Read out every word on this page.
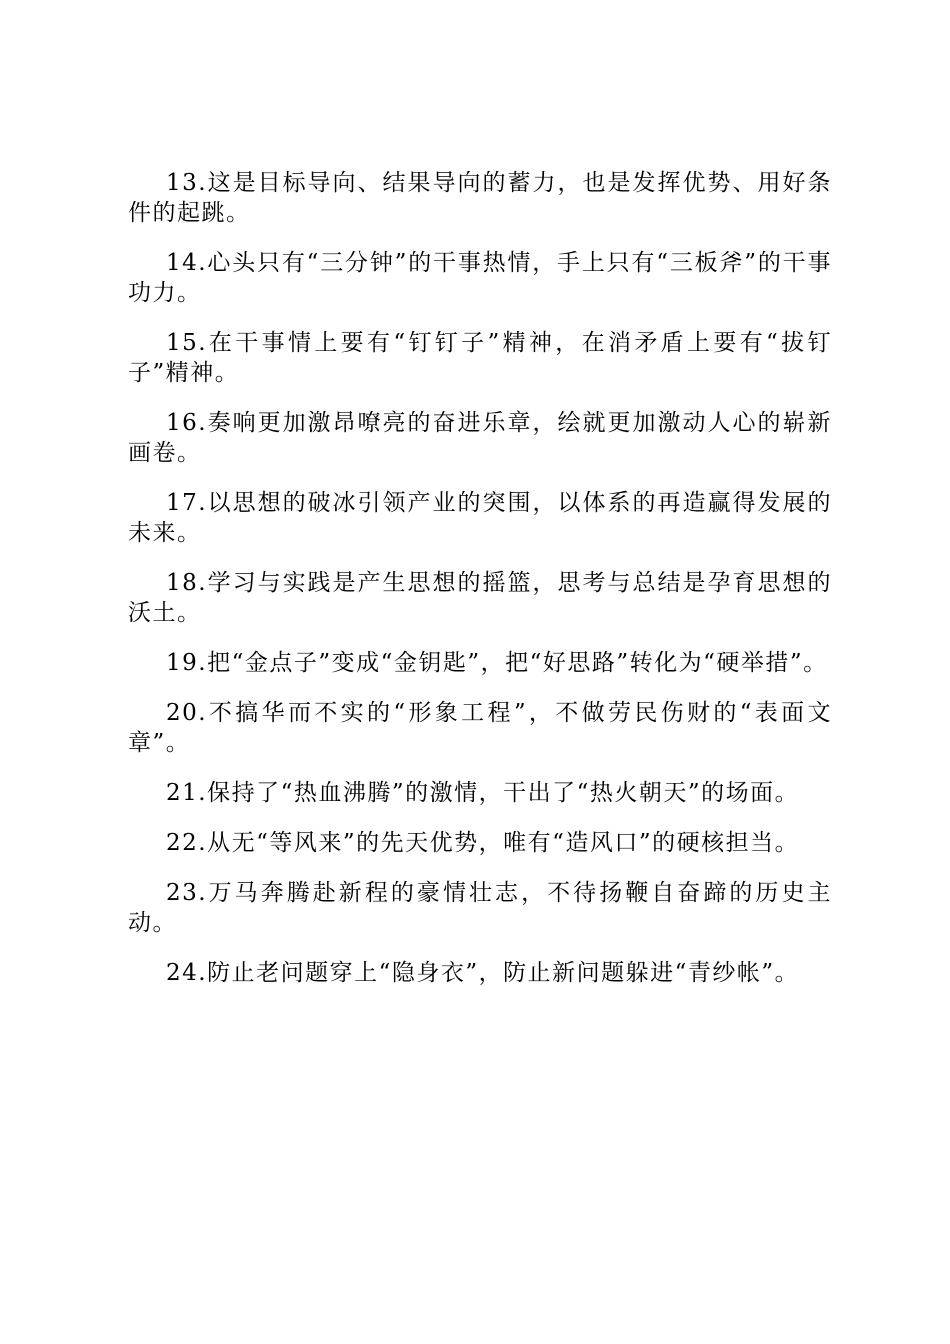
13.这是目标导向、结果导向的蓄力，也是发挥优势、用好条件的起跳。

14.心头只有“三分钟”的干事热情，手上只有“三板斧”的干事功力。

15.在干事情上要有“钉钉子”精神，在消矛盾上要有“拔钉子”精神。

16.奏响更加激昂嘹亮的奋进乐章，绘就更加激动人心的崭新画卷。

17.以思想的破冰引领产业的突围，以体系的再造赢得发展的未来。

18.学习与实践是产生思想的摇篮，思考与总结是孕育思想的沃土。

19.把“金点子”变成“金钥匙”，把“好思路”转化为“硬举措”。

20.不搞华而不实的“形象工程”，不做劳民伤财的“表面文章”。

21.保持了“热血沸腾”的激情，干出了“热火朝天”的场面。

22.从无“等风来”的先天优势，唯有“造风口”的硬核担当。

23.万马奔腾赴新程的豪情壮志，不待扬鞭自奋蹄的历史主动。

24.防止老问题穿上“隐身衣”，防止新问题躲进“青纱帐”。
